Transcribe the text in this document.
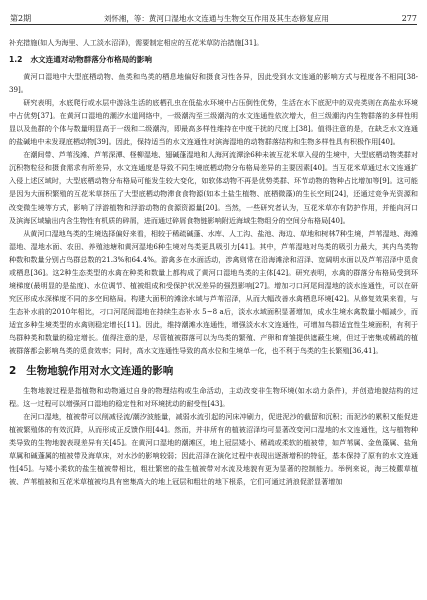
第2期	刘怀湘，等：黄河口湿地水文连通与生物交互作用及其生态修复应用	277

补充措施(如人为海里、人工淡水沼泽)，需要制定相应的互花米草防治措施[31]。

1.2 水文连通对动物群落分布格局的影响

黄河口湿地中大型底栖动物、鱼类和鸟类的栖息地偏好和摄食习性各异，因此受到水文连通的影响方式与程度各不相同[38-39]。

研究表明，水底爬行或水层中游泳生活的底栖孔虫在低盐水环境中占压倒性优势，生活在水下底泥中的双壳类则在高盐水环境中占优势[37]。在黄河口湿地的潮汐水道网络中，一级潮沟至三级潮沟的水文连通性依次增大，但三级潮沟内生物群落的多样性明显以及鱼群的个体与数量明显高于一级和二级潮沟，即最高多样性维持在中度干扰的尺度上[38]。值得注意的是，在缺乏水文连通的盐碱地中未发现底栖动物[39]。因此，保持适当的水文连通性对滨海湿地的动物群落结构和生物多样性具有积极作用[40]。

在潮间带、芦苇浅滩、芦苇深潭、柽柳湿地、翅碱蓬湿地和人海河流潭涂6种未被互花米草入侵的生境中，大型底栖动物类群对沉积物粒径和摄食需求有所差异，水文连通度是导致不同生境底栖动物分布格局差异的主要因素[40]。当互花米草通过水文连通扩入侵上述区域时，大型底栖动物分布格局可能发生较大变化，如软体动物不再是优势类群、环节动物的物种占比增加等[9]。这可能是因为大面积繁殖的互花米草挤压了大型底栖动物滞食食物源(如本土盐生植物、底栖微藻)的生长空间[24]，还通过竞争光资源和改变微生境等方式，影响了浮游植物和浮游动物的食源资源量[20]。当然，一些研究者认为，互花米草亦有防护作用，并能向河口及滨海区域输出内含生物性有机质的碎屑，进而通过碎屑食物链影响附近海域生物组分的空间分布格局[40]。

从黄河口湿地鸟类的生境选择偏好来看，相较于稀疏碱蓬、水库、人工沟、盐池、海边、草地和树林7种生境，芦苇湿地、海滩湿地、湿地水面、农田、养殖池塘和黄河湿地6种生境对鸟类更具吸引力[41]。其中，芦苇湿地对鸟类的吸引力最大，其内鸟类物种数和数量分别占鸟群总数的21.3%和64.4%。游禽多在水面活动，涉禽则常在沿海滩涂和沼泽、宽阔明水面以及芦苇沼泽中觅食或栖息[36]。这2种生态类型的水禽在种类和数量上都构成了黄河口湿地鸟类的主体[42]。研究表明，水禽的群落分布格局受到环境梯度(最明显的是盐度)、水位调节、植被组成和受保护状况差异的强烈影响[27]。增加刁口河尾间湿地的淡水连通性，可以在研究区形成水深梯度不同的多空间格局。构建大面积的滩涂水域与芦苇沼泽，从而大幅改善水禽栖息环境[42]。从修复效果来看，与生态补水前的2010年相比，刁口河尾间湿地在持续生态补水 5~8 a后，淡水水域面积显著增加，成水生境水禽数量小幅减少，而适宜多种生境类型的水禽则稳定增长[11]。因此，维持潮滩水连通性，增强淡水水文连通性，可增加鸟群适宜性生境面积，有利于鸟群种类和数量的稳定增长。值得注意的是，尽管植被群落可以为鸟类的繁殖、产卵和育雏提供遮蔽生境，但过于密集或稀疏的植被群落都会影响鸟类的觅食效率；同时，高水文连通性导致的高水位和生境单一化，也不利于鸟类的生长繁殖[36,41]。

2 生物地貌作用对水文连通的影响

生物地貌过程是指植物和动物通过自身的物理结构或生命活动，主动改变非生物环境(如水动力条件)，并创造地貌结构的过程。这一过程可以增强河口湿地的稳定性和对环境扰动的耐受性[43]。

在河口湿地，植被带可以削减径流/潮汐波能量，减弱水流引起的河床冲刷力，促进泥沙的截留和沉积；而泥沙的累积又能促进植被繁殖体的有效沉降，从而形成正反馈作用[44]。然而，并非所有的植被沼泽均可显著改变河口湿地的水文连通性，这与植物种类导致的生物地貌表现差异有关[45]。在黄河口湿地的潮滩区，地上冠层矮小、稀疏或柔软的植被带，如芦苇属、金鱼藻属、盐角草属和碱蓬属的植被带及海草床，对水沙的影响较弱；因此沼泽在演化过程中表现出逐渐增积的特征，基本保持了原有的水文连通性[45]。与矮小柔软的盐生植被带相比，粗壮繁密的盐生植被带对水流及地貌有更为显著的控制能力。举例来说，海三棱藨草植被、芦苇植被和互花米草植被均具有密集高大的地上冠层和粗壮的地下根系，它们可通过消浪促淤显著增加
